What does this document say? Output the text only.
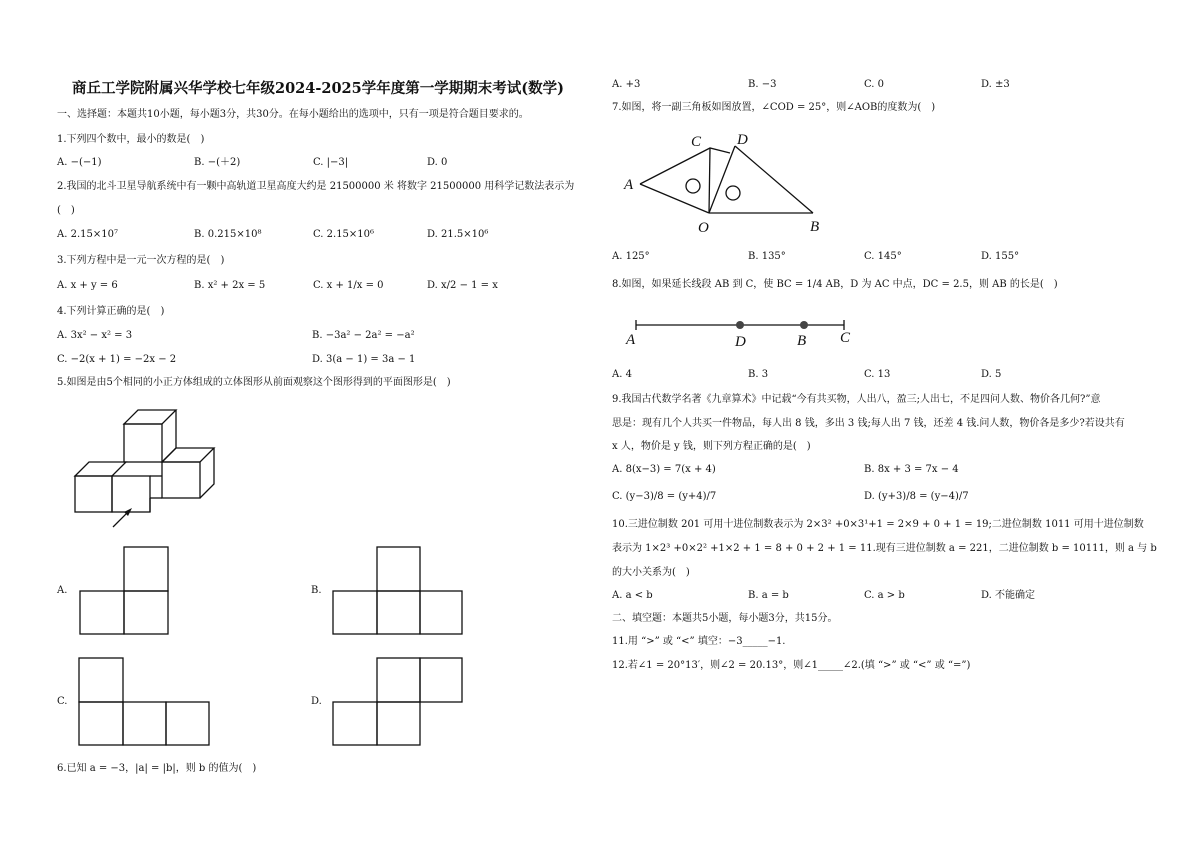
商丘工学院附属兴华学校七年级2024-2025学年度第一学期期末考试(数学)
一、选择题：本题共10小题，每小题3分，共30分。在每小题给出的选项中，只有一项是符合题目要求的。
1.下列四个数中，最小的数是(　)
A. −(−1)	B. −(＋2)	C. |−3|	D. 0
2.我国的北斗卫星导航系统中有一颗中高轨道卫星高度大约是 21500000 米 将数字 21500000 用科学记数法表示为
(　)
A. 2.15×10⁷	B. 0.215×10⁸	C. 2.15×10⁶	D. 21.5×10⁶
3.下列方程中是一元一次方程的是(　)
A. x + y = 6	B. x² + 2x = 5	C. x + 1/x = 0	D. x/2 − 1 = x
4.下列计算正确的是(　)
A. 3x² − x² = 3	B. −3a² − 2a² = −a²
C. −2(x + 1) = −2x − 2	D. 3(a − 1) = 3a − 1
5.如图是由5个相同的小正方体组成的立体图形从前面观察这个图形得到的平面图形是(　)
A.	B.
C.	D.
6.已知 a = −3，|a| = |b|，则 b 的值为(　)
A. +3	B. −3	C. 0	D. ±3
7.如图，将一副三角板如图放置，∠COD = 25°，则∠AOB的度数为(　)
C D
A
O	B
A. 125°	B. 135°	C. 145°	D. 155°
8.如图，如果延长线段 AB 到 C，使 BC = 1/4 AB，D 为 AC 中点，DC = 2.5，则 AB 的长是(　)
A	D	B C
A. 4	B. 3	C. 13	D. 5
9.我国古代数学名著《九章算术》中记载“今有共买物，人出八，盈三;人出七，不足四问人数、物价各几何?”意
思是：现有几个人共买一件物品，每人出 8 钱，多出 3 钱;每人出 7 钱，还差 4 钱.问人数，物价各是多少?若设共有
x 人，物价是 y 钱，则下列方程正确的是(　)
A. 8(x−3) = 7(x + 4)	B. 8x + 3 = 7x − 4
C. (y−3)/8 = (y+4)/7	D. (y+3)/8 = (y−4)/7
10.三进位制数 201 可用十进位制数表示为 2×3² +0×3¹+1 = 2×9 + 0 + 1 = 19;二进位制数 1011 可用十进位制数
表示为 1×2³ +0×2² +1×2 + 1 = 8 + 0 + 2 + 1 = 11.现有三进位制数 a = 221，二进位制数 b = 10111，则 a 与 b
的大小关系为(　)
A. a < b	B. a = b	C. a > b	D. 不能确定
二、填空题：本题共5小题，每小题3分，共15分。
11.用 “>” 或 “<” 填空：−3_____−1.
12.若∠1 = 20°13′，则∠2 = 20.13°，则∠1_____∠2.(填 “>” 或 “<” 或 “=”)
